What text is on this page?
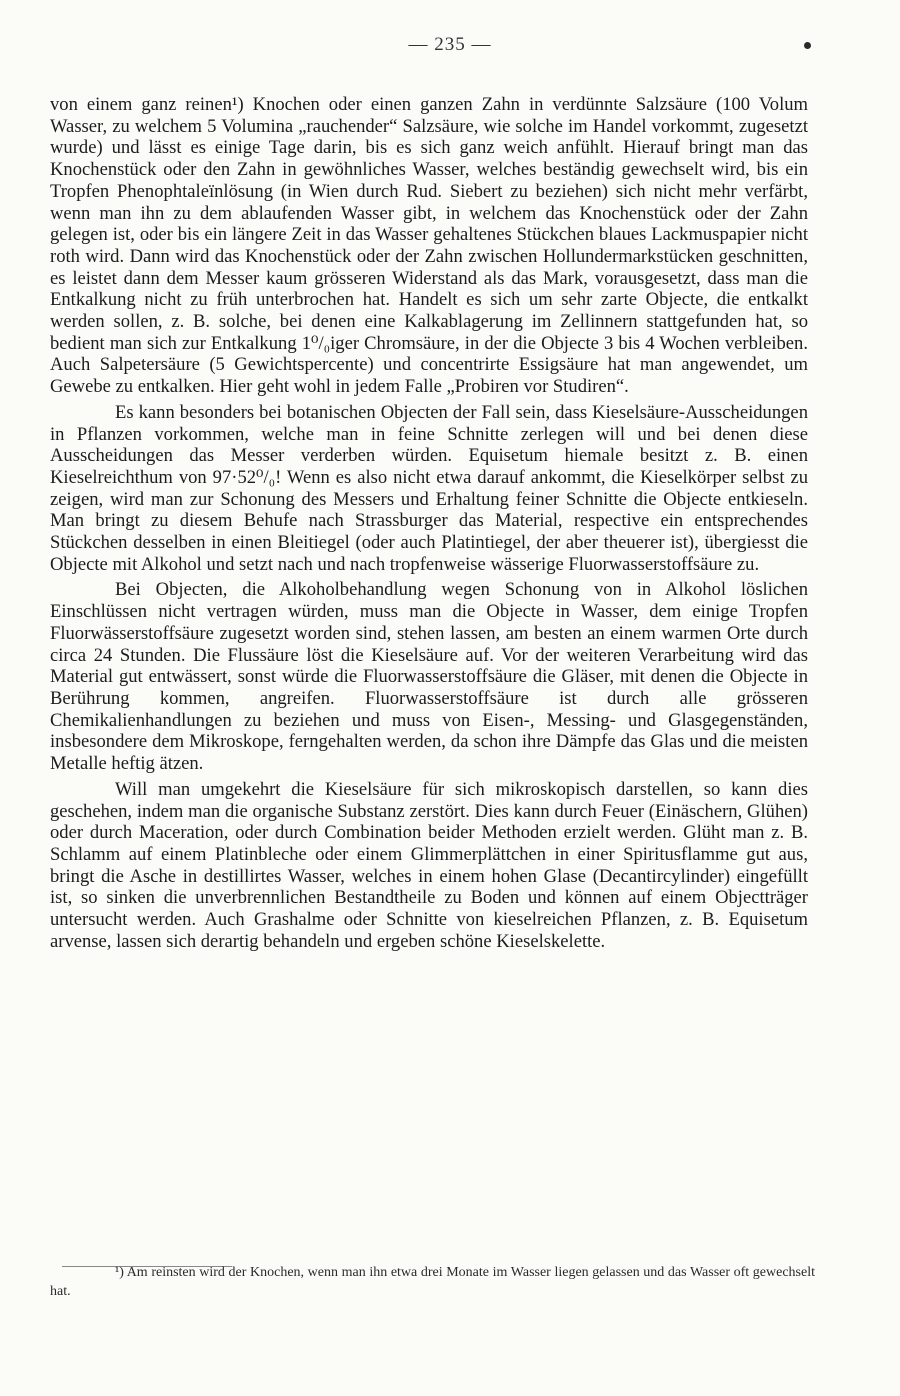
— 235 —

von einem ganz reinen¹) Knochen oder einen ganzen Zahn in verdünnte Salzsäure (100 Volum Wasser, zu welchem 5 Volumina „rauchender“ Salzsäure, wie solche im Handel vorkommt, zugesetzt wurde) und lässt es einige Tage darin, bis es sich ganz weich anfühlt. Hierauf bringt man das Knochenstück oder den Zahn in gewöhnliches Wasser, welches beständig gewechselt wird, bis ein Tropfen Phenophtaleïnlösung (in Wien durch Rud. Siebert zu beziehen) sich nicht mehr verfärbt, wenn man ihn zu dem ablaufenden Wasser gibt, in welchem das Knochenstück oder der Zahn gelegen ist, oder bis ein längere Zeit in das Wasser gehaltenes Stückchen blaues Lackmuspapier nicht roth wird. Dann wird das Knochenstück oder der Zahn zwischen Hollundermarkstücken geschnitten, es leistet dann dem Messer kaum grösseren Widerstand als das Mark, vorausgesetzt, dass man die Entkalkung nicht zu früh unterbrochen hat. Handelt es sich um sehr zarte Objecte, die entkalkt werden sollen, z. B. solche, bei denen eine Kalkablagerung im Zellinnern stattgefunden hat, so bedient man sich zur Entkalkung 1⁰/₀iger Chromsäure, in der die Objecte 3 bis 4 Wochen verbleiben. Auch Salpetersäure (5 Gewichtspercente) und concentrirte Essigsäure hat man angewendet, um Gewebe zu entkalken. Hier geht wohl in jedem Falle „Probiren vor Studiren“.

Es kann besonders bei botanischen Objecten der Fall sein, dass Kieselsäure-Ausscheidungen in Pflanzen vorkommen, welche man in feine Schnitte zerlegen will und bei denen diese Ausscheidungen das Messer verderben würden. Equisetum hiemale besitzt z. B. einen Kieselreichthum von 97·52⁰/₀! Wenn es also nicht etwa darauf ankommt, die Kieselkörper selbst zu zeigen, wird man zur Schonung des Messers und Erhaltung feiner Schnitte die Objecte entkieseln. Man bringt zu diesem Behufe nach Strassburger das Material, respective ein entsprechendes Stückchen desselben in einen Bleitiegel (oder auch Platintiegel, der aber theuerer ist), übergiesst die Objecte mit Alkohol und setzt nach und nach tropfenweise wässerige Fluorwasserstoffsäure zu.

Bei Objecten, die Alkoholbehandlung wegen Schonung von in Alkohol löslichen Einschlüssen nicht vertragen würden, muss man die Objecte in Wasser, dem einige Tropfen Fluorwässerstoffsäure zugesetzt worden sind, stehen lassen, am besten an einem warmen Orte durch circa 24 Stunden. Die Flussäure löst die Kieselsäure auf. Vor der weiteren Verarbeitung wird das Material gut entwässert, sonst würde die Fluorwasserstoffsäure die Gläser, mit denen die Objecte in Berührung kommen, angreifen. Fluorwasserstoffsäure ist durch alle grösseren Chemikalienhandlungen zu beziehen und muss von Eisen-, Messing- und Glasgegenständen, insbesondere dem Mikroskope, ferngehalten werden, da schon ihre Dämpfe das Glas und die meisten Metalle heftig ätzen.

Will man umgekehrt die Kieselsäure für sich mikroskopisch darstellen, so kann dies geschehen, indem man die organische Substanz zerstört. Dies kann durch Feuer (Einäschern, Glühen) oder durch Maceration, oder durch Combination beider Methoden erzielt werden. Glüht man z. B. Schlamm auf einem Platinbleche oder einem Glimmerplättchen in einer Spiritusflamme gut aus, bringt die Asche in destillirtes Wasser, welches in einem hohen Glase (Decantircylinder) eingefüllt ist, so sinken die unverbrennlichen Bestandtheile zu Boden und können auf einem Objectträger untersucht werden. Auch Grashalme oder Schnitte von kieselreichen Pflanzen, z. B. Equisetum arvense, lassen sich derartig behandeln und ergeben schöne Kieselskelette.

¹) Am reinsten wird der Knochen, wenn man ihn etwa drei Monate im Wasser liegen gelassen und das Wasser oft gewechselt hat.
